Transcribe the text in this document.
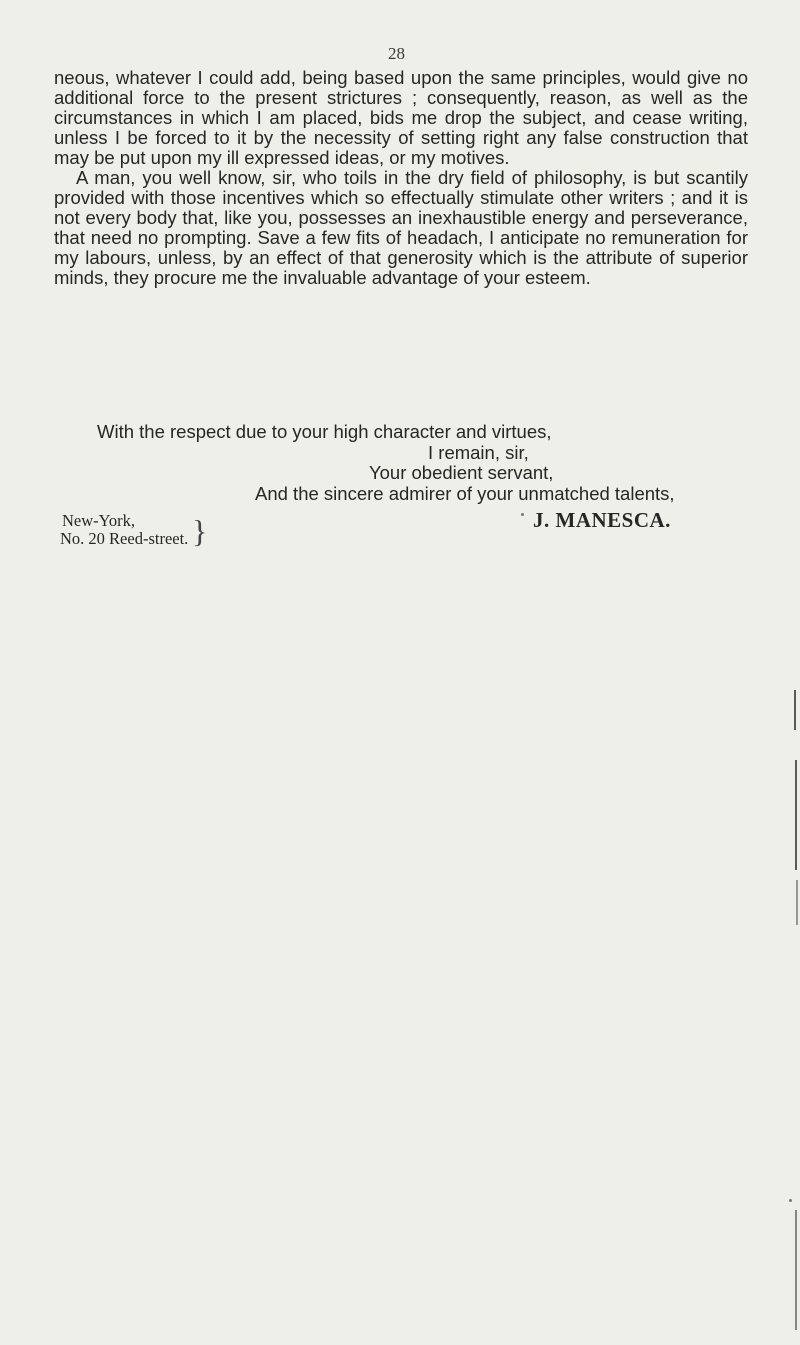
28

neous, whatever I could add, being based upon the same principles, would give no additional force to the present strictures ; consequently, reason, as well as the circumstances in which I am placed, bids me drop the subject, and cease writing, unless I be forced to it by the necessity of setting right any false construction that may be put upon my ill expressed ideas, or my motives.

A man, you well know, sir, who toils in the dry field of philosophy, is but scantily provided with those incentives which so effectually stimulate other writers ; and it is not every body that, like you, possesses an inexhaustible energy and perseverance, that need no prompting. Save a few fits of headach, I anticipate no remuneration for my labours, unless, by an effect of that generosity which is the attribute of superior minds, they procure me the invaluable advantage of your esteem.

With the respect due to your high character and virtues,
I remain, sir,
Your obedient servant,
And the sincere admirer of your unmatched talents,
J. MANESCA.
New-York,
No. 20 Reed-street. }
